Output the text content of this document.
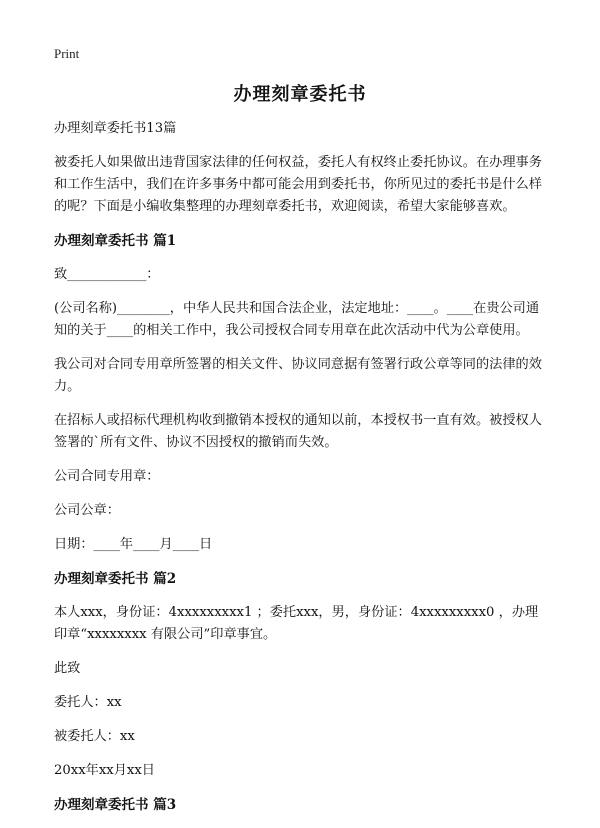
Print
办理刻章委托书

办理刻章委托书13篇

被委托人如果做出违背国家法律的任何权益，委托人有权终止委托协议。在办理事务和工作生活中，我们在许多事务中都可能会用到委托书，你所见过的委托书是什么样的呢？下面是小编收集整理的办理刻章委托书，欢迎阅读，希望大家能够喜欢。

办理刻章委托书 篇1

致____________：

(公司名称)________，中华人民共和国合法企业，法定地址：____。____在贵公司通知的关于____的相关工作中，我公司授权合同专用章在此次活动中代为公章使用。

我公司对合同专用章所签署的相关文件、协议同意据有签署行政公章等同的法律的效力。

在招标人或招标代理机构收到撤销本授权的通知以前，本授权书一直有效。被授权人签署的`所有文件、协议不因授权的撤销而失效。

公司合同专用章：

公司公章：

日期：____年____月____日

办理刻章委托书 篇2

本人xxx，身份证：4xxxxxxxxx1 ；委托xxx，男，身份证：4xxxxxxxxx0 ，办理印章“xxxxxxxx 有限公司”印章事宜。

此致

委托人：xx

被委托人：xx

20xx年xx月xx日

办理刻章委托书 篇3
